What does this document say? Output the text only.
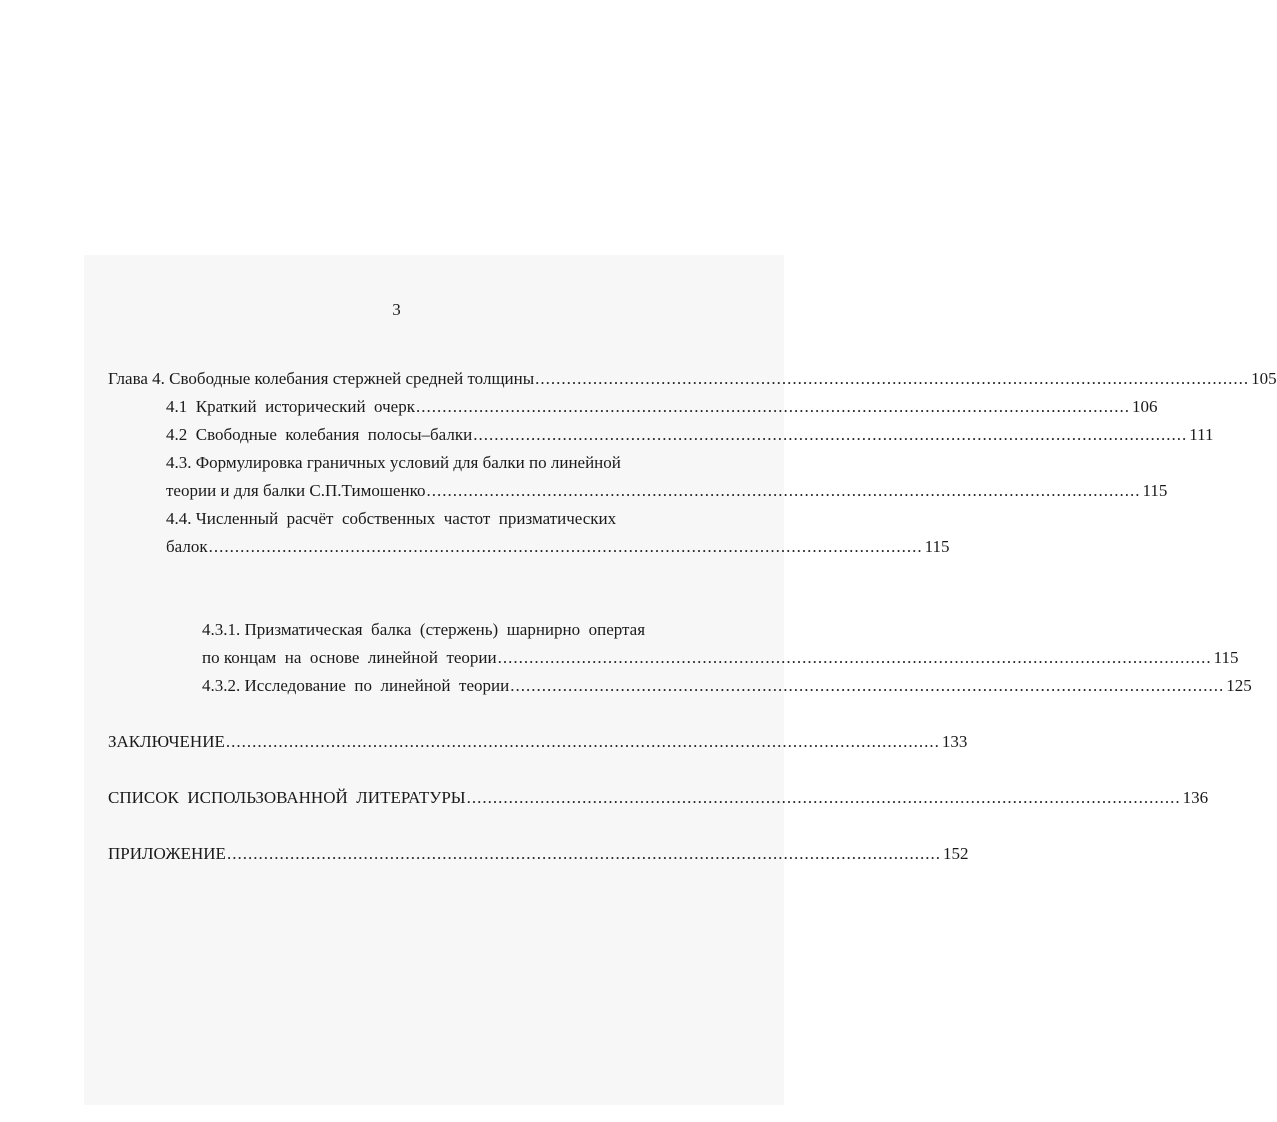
3
Глава 4. Свободные колебания стержней средней толщины ........................................................................................................................................ 105
4.1  Краткий  исторический  очерк ........................................................................................................................................ 106
4.2  Свободные  колебания  полосы–балки ........................................................................................................................................ 111
4.3. Формулировка граничных условий для балки по линейной
теории и для балки С.П.Тимошенко ........................................................................................................................................ 115
4.4. Численный  расчёт  собственных  частот  призматических
балок ........................................................................................................................................ 115
4.3.1. Призматическая  балка  (стержень)  шарнирно  опертая
по концам  на  основе  линейной  теории ........................................................................................................................................ 115
4.3.2. Исследование  по  линейной  теории ........................................................................................................................................ 125
ЗАКЛЮЧЕНИЕ ........................................................................................................................................ 133
СПИСОК  ИСПОЛЬЗОВАННОЙ  ЛИТЕРАТУРЫ ........................................................................................................................................ 136
ПРИЛОЖЕНИЕ ........................................................................................................................................ 152
